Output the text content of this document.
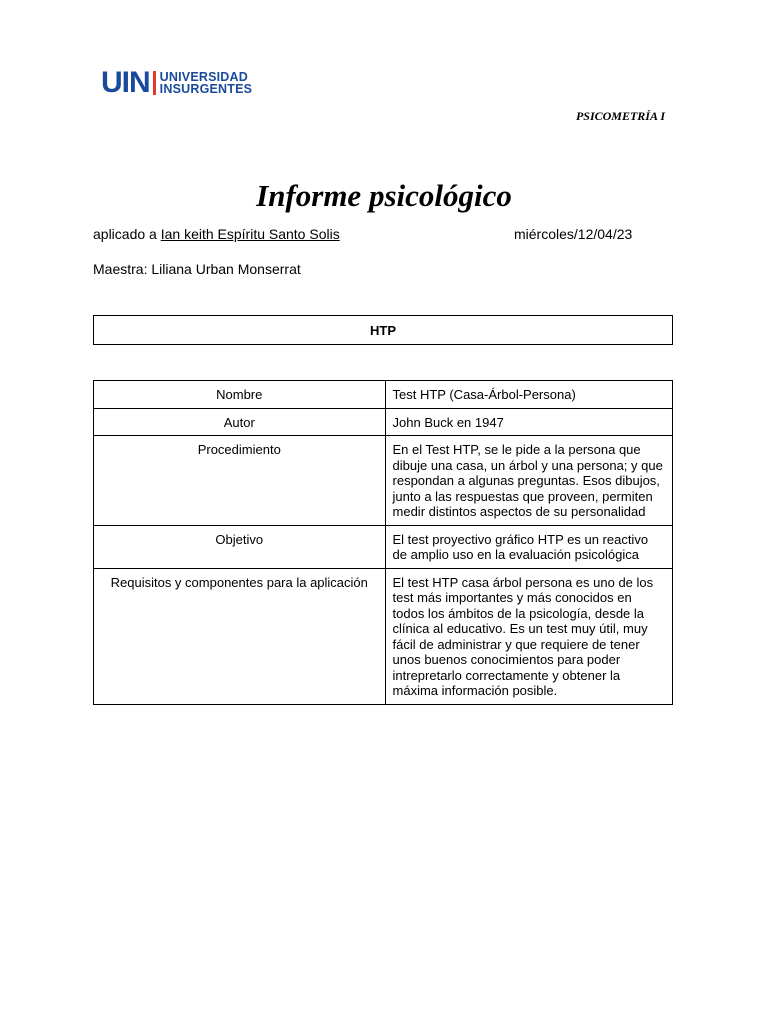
UIN UNIVERSIDAD
INSURGENTES
PSICOMETRÍA I
Informe psicológico
aplicado a Ian keith Espíritu Santo Solis	miércoles/12/04/23
Maestra: Liliana Urban Monserrat
HTP
Nombre	Test HTP (Casa-Árbol-Persona)
Autor	John Buck en 1947
Procedimiento	En el Test HTP, se le pide a la persona que dibuje una casa, un árbol y una persona; y que respondan a algunas preguntas. Esos dibujos, junto a las respuestas que proveen, permiten medir distintos aspectos de su personalidad
Objetivo	El test proyectivo gráfico HTP es un reactivo de amplio uso en la evaluación psicológica
Requisitos y componentes para la aplicación	El test HTP casa árbol persona es uno de los test más importantes y más conocidos en todos los ámbitos de la psicología, desde la clínica al educativo. Es un test muy útil, muy fácil de administrar y que requiere de tener unos buenos conocimientos para poder intrepretarlo correctamente y obtener la máxima información posible.
